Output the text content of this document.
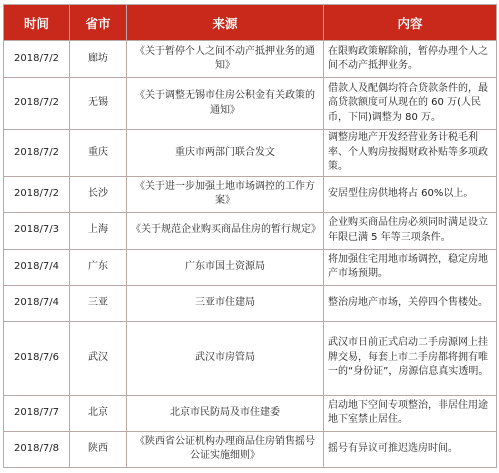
时间	省市	来源	内容
2018/7/2	廊坊	《关于暂停个人之间不动产抵押业务的通知》	在限购政策解除前，暂停办理个人之间不动产抵押业务。
2018/7/2	无锡	《关于调整无锡市住房公积金有关政策的通知》	借款人及配偶均符合贷款条件的，最高贷款额度可从现在的 60 万(人民币，下同)调整为 80 万。
2018/7/2	重庆	重庆市两部门联合发文	调整房地产开发经营业务计税毛利率、个人购房按揭财政补贴等多项政策。
2018/7/2	长沙	《关于进一步加强土地市场调控的工作方案》	安居型住房供地将占 60%以上。
2018/7/3	上海	《关于规范企业购买商品住房的暂行规定》	企业购买商品住房必须同时满足设立年限已满 5 年等三项条件。
2018/7/4	广东	广东市国土资源局	将加强住宅用地市场调控，稳定房地产市场预期。
2018/7/4	三亚	三亚市住建局	整治房地产市场，关停四个售楼处。
2018/7/6	武汉	武汉市房管局	武汉市日前正式启动二手房源网上挂牌交易，每套上市二手房都将拥有唯一的“身份证”，房源信息真实透明。
2018/7/7	北京	北京市民防局及市住建委	启动地下空间专项整治，非居住用途地下室禁止居住。
2018/7/8	陕西	《陕西省公证机构办理商品住房销售摇号公证实施细则》	摇号有异议可推迟选房时间。
